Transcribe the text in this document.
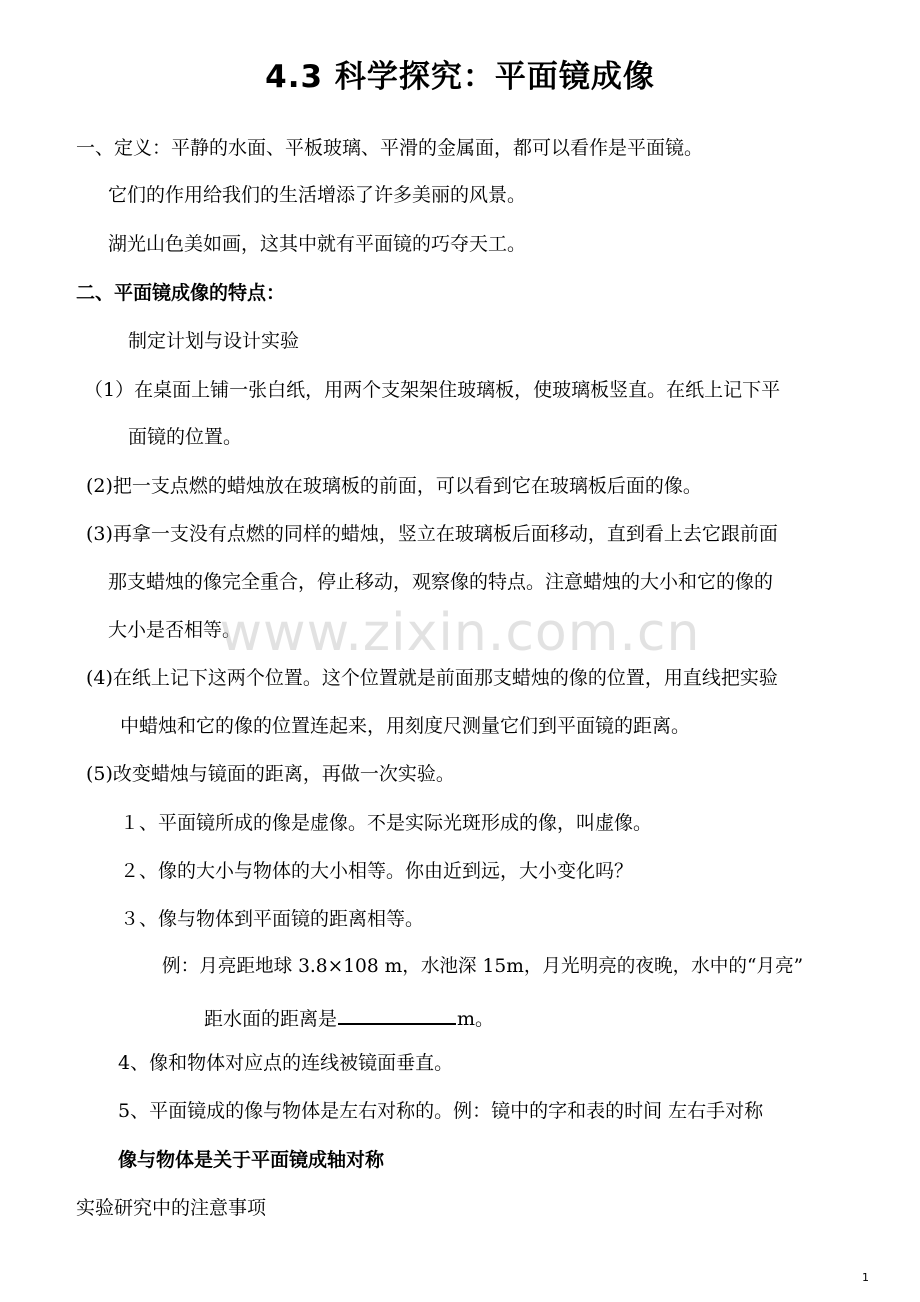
4.3 科学探究：平面镜成像
一、定义：平静的水面、平板玻璃、平滑的金属面，都可以看作是平面镜。
它们的作用给我们的生活增添了许多美丽的风景。
湖光山色美如画，这其中就有平面镜的巧夺天工。
二、平面镜成像的特点：
制定计划与设计实验
（1）在桌面上铺一张白纸，用两个支架架住玻璃板，使玻璃板竖直。在纸上记下平
面镜的位置。
(2)把一支点燃的蜡烛放在玻璃板的前面，可以看到它在玻璃板后面的像。
(3)再拿一支没有点燃的同样的蜡烛，竖立在玻璃板后面移动，直到看上去它跟前面
那支蜡烛的像完全重合，停止移动，观察像的特点。注意蜡烛的大小和它的像的
大小是否相等。
(4)在纸上记下这两个位置。这个位置就是前面那支蜡烛的像的位置，用直线把实验
中蜡烛和它的像的位置连起来，用刻度尺测量它们到平面镜的距离。
(5)改变蜡烛与镜面的距离，再做一次实验。
１、平面镜所成的像是虚像。不是实际光斑形成的像，叫虚像。
２、像的大小与物体的大小相等。你由近到远，大小变化吗？
３、像与物体到平面镜的距离相等。
例：月亮距地球 3.8×108 m，水池深 15m，月光明亮的夜晚，水中的“月亮”
距水面的距离是	m。
4、像和物体对应点的连线被镜面垂直。
5、平面镜成的像与物体是左右对称的。例：镜中的字和表的时间 左右手对称
像与物体是关于平面镜成轴对称
实验研究中的注意事项
www.zixin.com.cn
1
